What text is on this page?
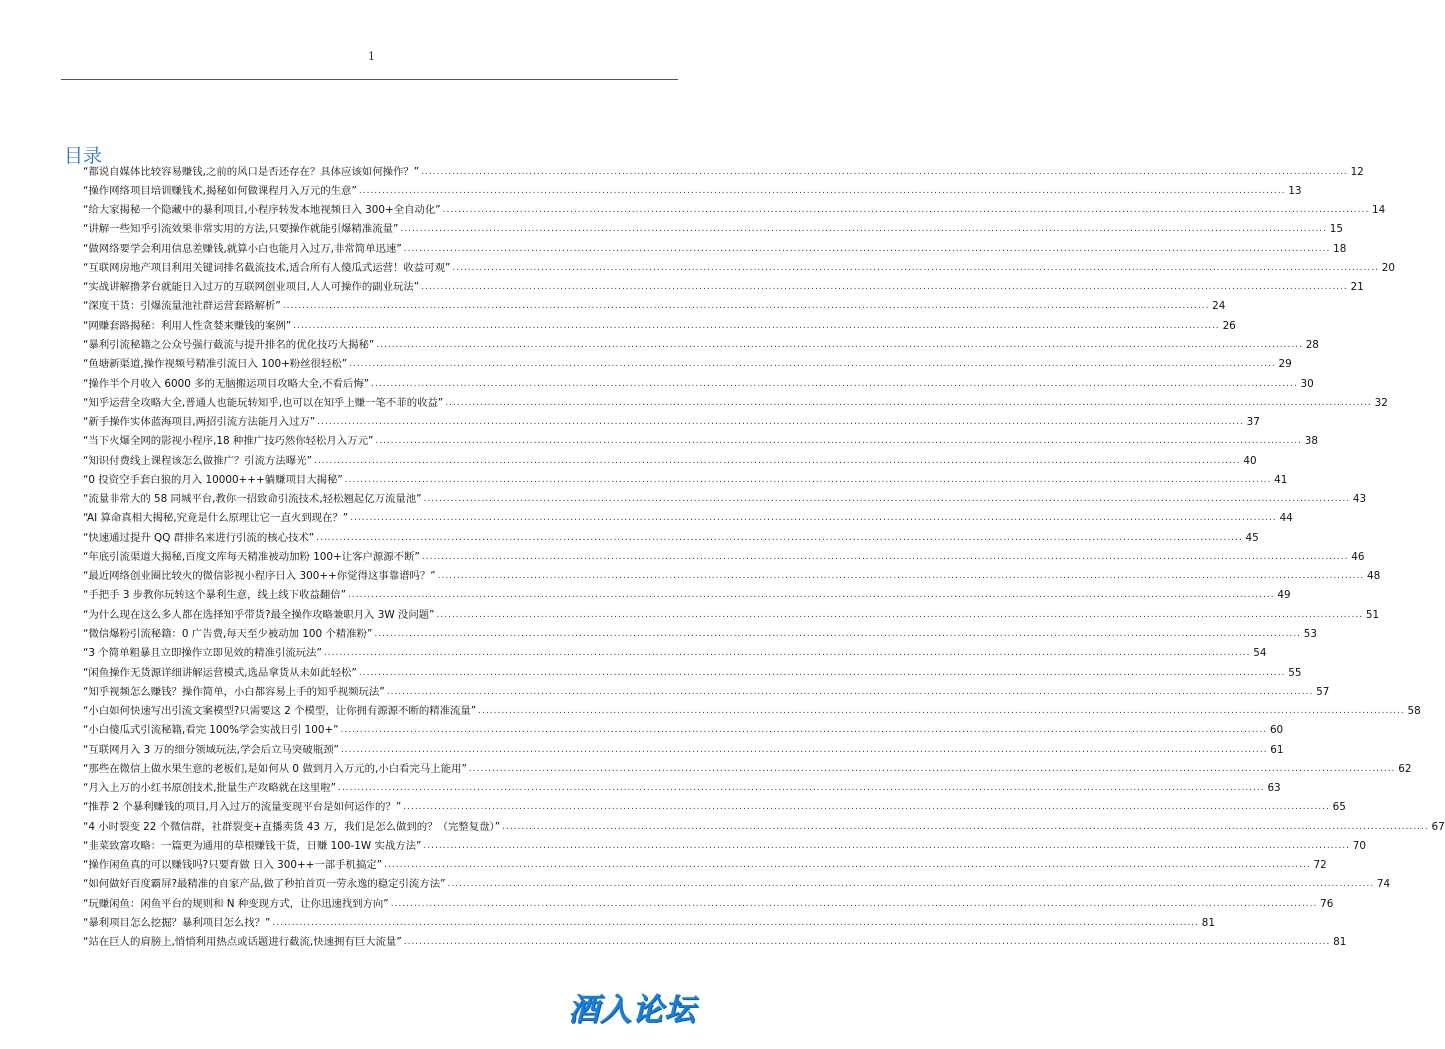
1
目录
“都说自媒体比较容易赚钱,之前的风口是否还存在？具体应该如何操作？” .....	12
“操作网络项目培训赚钱术,揭秘如何做课程月入万元的生意” .....	13
“给大家揭秘一个隐藏中的暴利项目,小程序转发本地视频日入 300+全自动化” .....	14
“讲解一些知乎引流效果非常实用的方法,只要操作就能引爆精准流量” .....	15
“做网络要学会利用信息差赚钱,就算小白也能月入过万,非常简单迅速” .....	18
“互联网房地产项目利用关键词排名截流技术,适合所有人傻瓜式运营！收益可观” .....	20
“实战讲解撸茅台就能日入过万的互联网创业项目,人人可操作的副业玩法” .....	21
“深度干货：引爆流量池社群运营套路解析” .....	24
“网赚套路揭秘：利用人性贪婪来赚钱的案例” .....	26
“暴利引流秘籍之公众号强行截流与提升排名的优化技巧大揭秘” .....	28
“鱼塘新渠道,操作视频号精准引流日入 100+粉丝很轻松” .....	29
“操作半个月收入 6000 多的无脑搬运项目攻略大全,不看后悔” .....	30
“知乎运营全攻略大全,普通人也能玩转知乎,也可以在知乎上赚一笔不菲的收益” .....	32
“新手操作实体蓝海项目,两招引流方法能月入过万” .....	37
“当下火爆全网的影视小程序,18 种推广技巧然你轻松月入万元” .....	38
“知识付费线上课程该怎么做推广？引流方法曝光” .....	40
“0 投资空手套白狼的月入 10000+++躺赚项目大揭秘” .....	41
“流量非常大的 58 同城平台,教你一招致命引流技术,轻松翘起亿万流量池” .....	43
“AI 算命真相大揭秘,究竟是什么原理让它一直火到现在？” .....	44
“快速通过提升 QQ 群排名来进行引流的核心技术” .....	45
“年底引流渠道大揭秘,百度文库每天精准被动加粉 100+让客户源源不断” .....	46
“最近网络创业圈比较火的微信影视小程序日入 300++你觉得这事靠谱吗？” .....	48
“手把手 3 步教你玩转这个暴利生意，线上线下收益翻倍” .....	49
“为什么现在这么多人都在选择知乎带货?最全操作攻略兼职月入 3W 没问题” .....	51
“微信爆粉引流秘籍：0 广告费,每天至少被动加 100 个精准粉” .....	53
“3 个简单粗暴且立即操作立即见效的精准引流玩法” .....	54
“闲鱼操作无货源详细讲解运营模式,选品拿货从未如此轻松” .....	55
“知乎视频怎么赚钱？操作简单，小白都容易上手的知乎视频玩法” .....	57
“小白如何快速写出引流文案模型?只需要这 2 个模型，让你拥有源源不断的精准流量” .....	58
“小白傻瓜式引流秘籍,看完 100%学会实战日引 100+” .....	60
“互联网月入 3 万的细分领域玩法,学会后立马突破瓶颈” .....	61
“那些在微信上做水果生意的老板们,是如何从 0 做到月入万元的,小白看完马上能用” .....	62
“月入上万的小红书原创技术,批量生产攻略就在这里啦” .....	63
“推荐 2 个暴利赚钱的项目,月入过万的流量变现平台是如何运作的？” .....	65
“4 小时裂变 22 个微信群，社群裂变+直播卖货 43 万，我们是怎么做到的？（完整复盘）” .....	67
“韭菜致富攻略：一篇更为通用的草根赚钱干货，日赚 100-1W 实战方法” .....	70
“操作闲鱼真的可以赚钱吗?只要育做 日入 300++一部手机搞定” .....	72
“如何做好百度霸屏?最精准的自家产品,做了秒拍首页一劳永逸的稳定引流方法” .....	74
“玩赚闲鱼：闲鱼平台的规则和 N 种变现方式，让你迅速找到方向” .....	76
“暴利项目怎么挖掘？暴利项目怎么找？” .....	81
“站在巨人的肩膀上,悄悄利用热点或话题进行截流,快速拥有巨大流量” .....	81
酒入论坛
